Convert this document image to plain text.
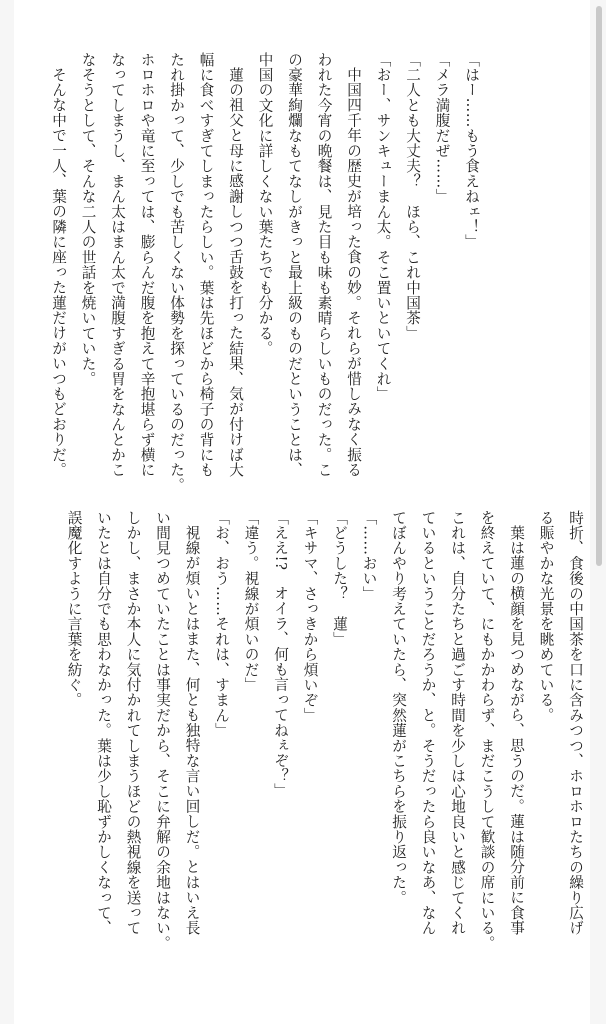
「はー……もう食えねェ！」

「メラ満腹だぜ……」

「二人とも大丈夫？　ほら、これ中国茶」

「おー、サンキューまん太。そこ置いといてくれ」

中国四千年の歴史が培った食の妙。それらが惜しみなく振る

われた今宵の晩餐は、見た目も味も素晴らしいものだった。こ

の豪華絢爛なもてなしがきっと最上級のものだということは、

中国の文化に詳しくない葉たちでも分かる。

蓮の祖父と母に感謝しつつ舌鼓を打った結果、気が付けば大

幅に食べすぎてしまったらしい。葉は先ほどから椅子の背にも

たれ掛かって、少しでも苦しくない体勢を探っているのだった。

ホロホロや竜に至っては、膨らんだ腹を抱えて辛抱堪らず横に

なってしまうし、まん太はまん太で満腹すぎる胃をなんとかこ

なそうとして、そんな二人の世話を焼いていた。

そんな中で一人、葉の隣に座った蓮だけがいつもどおりだ。

時折、食後の中国茶を口に含みつつ、ホロホロたちの繰り広げ

る賑やかな光景を眺めている。

葉は蓮の横顔を見つめながら、思うのだ。蓮は随分前に食事

を終えていて、にもかかわらず、まだこうして歓談の席にいる。

これは、自分たちと過ごす時間を少しは心地良いと感じてくれ

ているということだろうか、と。そうだったら良いなあ、なん

てぼんやり考えていたら、突然蓮がこちらを振り返った。

「……おい」

「どうした？　蓮」

「キサマ、さっきから煩いぞ」

「ええ!?　オイラ、何も言ってねぇぞ？」

「違う。視線が煩いのだ」

「お、おう……それは、すまん」

視線が煩いとはまた、何とも独特な言い回しだ。とはいえ長

い間見つめていたことは事実だから、そこに弁解の余地はない。

しかし、まさか本人に気付かれてしまうほどの熱視線を送って

いたとは自分でも思わなかった。葉は少し恥ずかしくなって、

誤魔化すように言葉を紡ぐ。
